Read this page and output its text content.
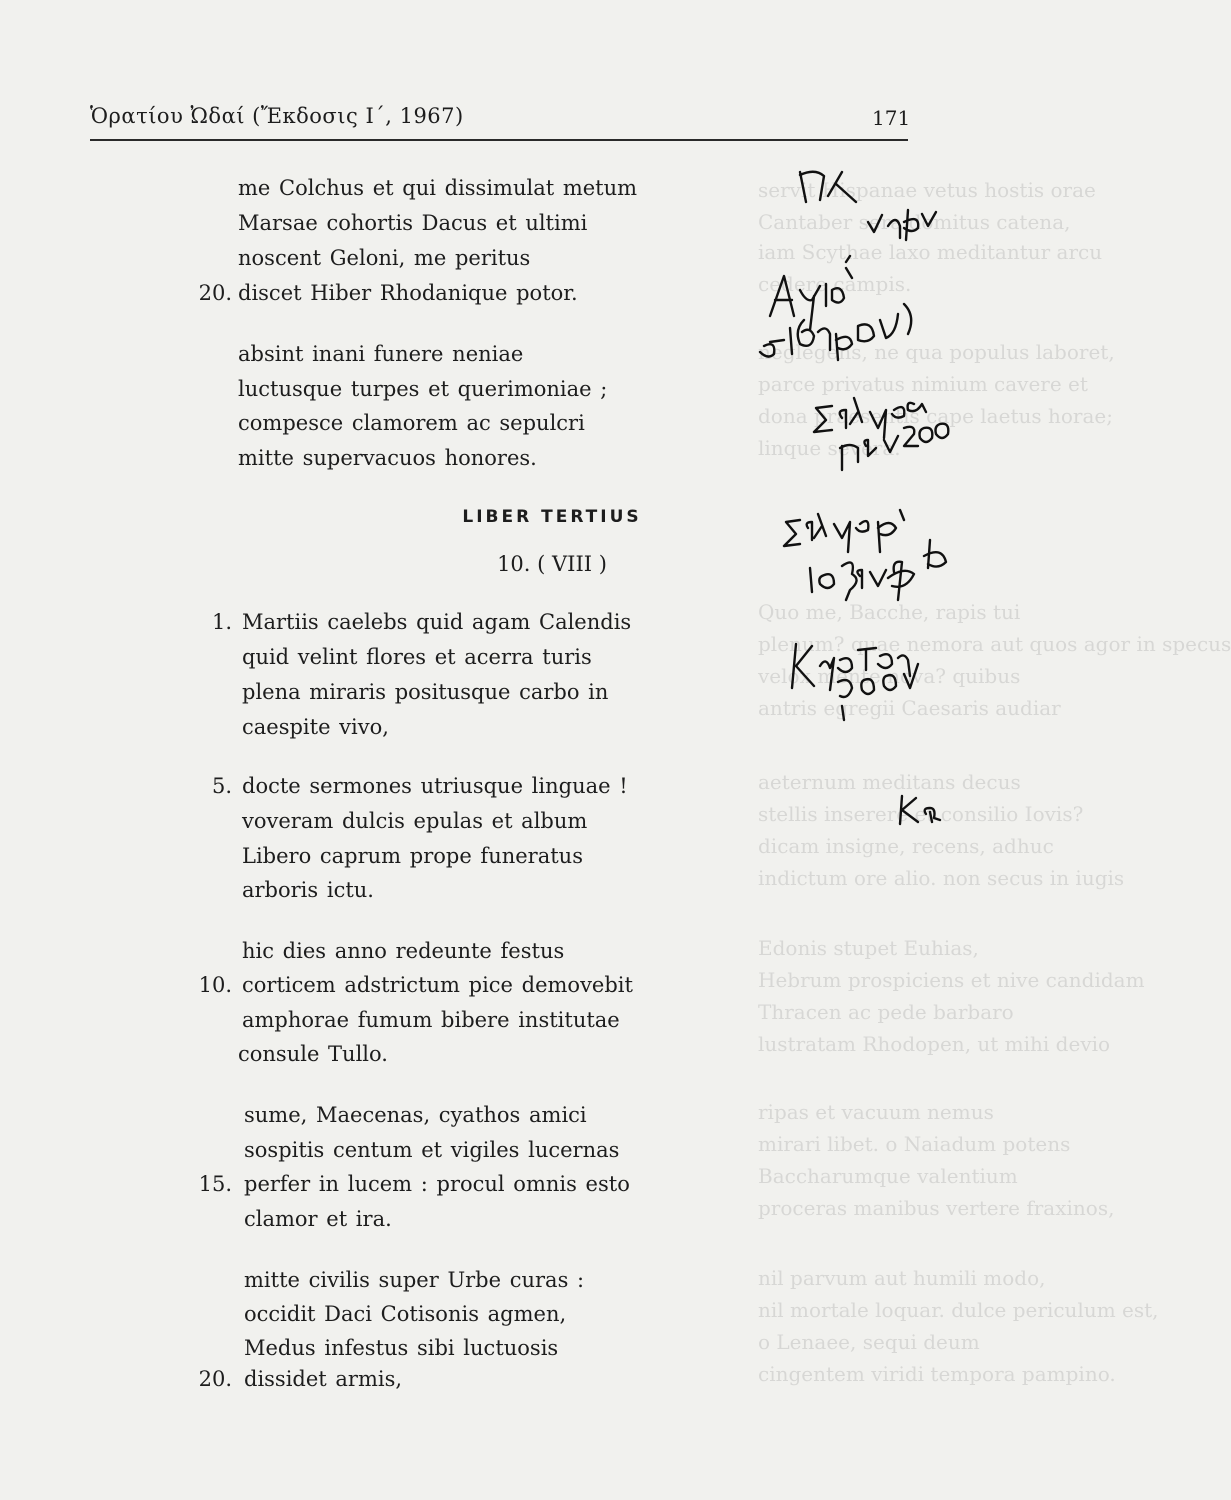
servit Hispanae vetus hostis orae
Cantaber sera domitus catena,
iam Scythae laxo meditantur arcu
cedere campis.
neglegens, ne qua populus laboret,
parce privatus nimium cavere et
dona praesentis cape laetus horae;
linque severa.
Quo me, Bacche, rapis tui
plenum? quae nemora aut quos agor in specus
velox mente nova? quibus
antris egregii Caesaris audiar
aeternum meditans decus
stellis inserere et consilio Iovis?
dicam insigne, recens, adhuc
indictum ore alio. non secus in iugis
Edonis stupet Euhias,
Hebrum prospiciens et nive candidam
Thracen ac pede barbaro
lustratam Rhodopen, ut mihi devio
ripas et vacuum nemus
mirari libet. o Naiadum potens
Baccharumque valentium
proceras manibus vertere fraxinos,
nil parvum aut humili modo,
nil mortale loquar. dulce periculum est,
o Lenaee, sequi deum
cingentem viridi tempora pampino.
Ὁρατίου Ὠδαί (Ἔκδοσις Ι΄, 1967)	171
me Colchus et qui dissimulat metum
Marsae cohortis Dacus et ultimi
noscent Geloni, me peritus
20. discet Hiber Rhodanique potor.
absint inani funere neniae
luctusque turpes et querimoniae ;
compesce clamorem ac sepulcri
mitte supervacuos honores.
LIBER TERTIUS
10. ( VIII )
1. Martiis caelebs quid agam Calendis
quid velint flores et acerra turis
plena miraris positusque carbo in
caespite vivo,
5. docte sermones utriusque linguae !
voveram dulcis epulas et album
Libero caprum prope funeratus
arboris ictu.
hic dies anno redeunte festus
10. corticem adstrictum pice demovebit
amphorae fumum bibere institutae
consule Tullo.
sume, Maecenas, cyathos amici
sospitis centum et vigiles lucernas
15. perfer in lucem : procul omnis esto
clamor et ira.
mitte civilis super Urbe curas :
occidit Daci Cotisonis agmen,
Medus infestus sibi luctuosis
20. dissidet armis,
